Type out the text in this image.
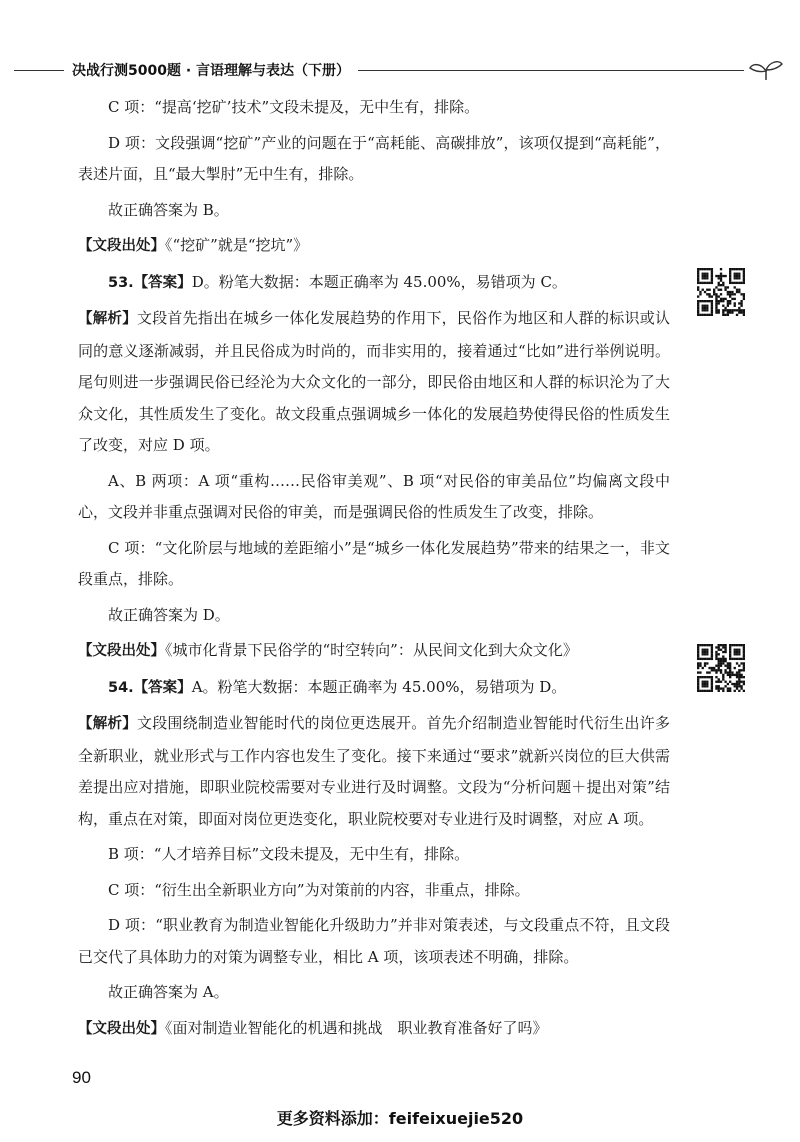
决战行测5000题 · 言语理解与表达（下册）

C 项：“提高‘挖矿’技术”文段未提及，无中生有，排除。

D 项：文段强调“挖矿”产业的问题在于“高耗能、高碳排放”，该项仅提到“高耗能”，表述片面，且“最大掣肘”无中生有，排除。

故正确答案为 B。

【文段出处】《“挖矿”就是“挖坑”》

53.【答案】D。粉笔大数据：本题正确率为 45.00%，易错项为 C。

【解析】文段首先指出在城乡一体化发展趋势的作用下，民俗作为地区和人群的标识或认同的意义逐渐减弱，并且民俗成为时尚的，而非实用的，接着通过“比如”进行举例说明。尾句则进一步强调民俗已经沦为大众文化的一部分，即民俗由地区和人群的标识沦为了大众文化，其性质发生了变化。故文段重点强调城乡一体化的发展趋势使得民俗的性质发生了改变，对应 D 项。

A、B 两项：A 项“重构……民俗审美观”、B 项“对民俗的审美品位”均偏离文段中心，文段并非重点强调对民俗的审美，而是强调民俗的性质发生了改变，排除。

C 项：“文化阶层与地域的差距缩小”是“城乡一体化发展趋势”带来的结果之一，非文段重点，排除。

故正确答案为 D。

【文段出处】《城市化背景下民俗学的“时空转向”：从民间文化到大众文化》

54.【答案】A。粉笔大数据：本题正确率为 45.00%，易错项为 D。

【解析】文段围绕制造业智能时代的岗位更迭展开。首先介绍制造业智能时代衍生出许多全新职业，就业形式与工作内容也发生了变化。接下来通过“要求”就新兴岗位的巨大供需差提出应对措施，即职业院校需要对专业进行及时调整。文段为“分析问题＋提出对策”结构，重点在对策，即面对岗位更迭变化，职业院校要对专业进行及时调整，对应 A 项。

B 项：“人才培养目标”文段未提及，无中生有，排除。

C 项：“衍生出全新职业方向”为对策前的内容，非重点，排除。

D 项：“职业教育为制造业智能化升级助力”并非对策表述，与文段重点不符，且文段已交代了具体助力的对策为调整专业，相比 A 项，该项表述不明确，排除。

故正确答案为 A。

【文段出处】《面对制造业智能化的机遇和挑战　职业教育准备好了吗》

90
更多资料添加：feifeixuejie520
